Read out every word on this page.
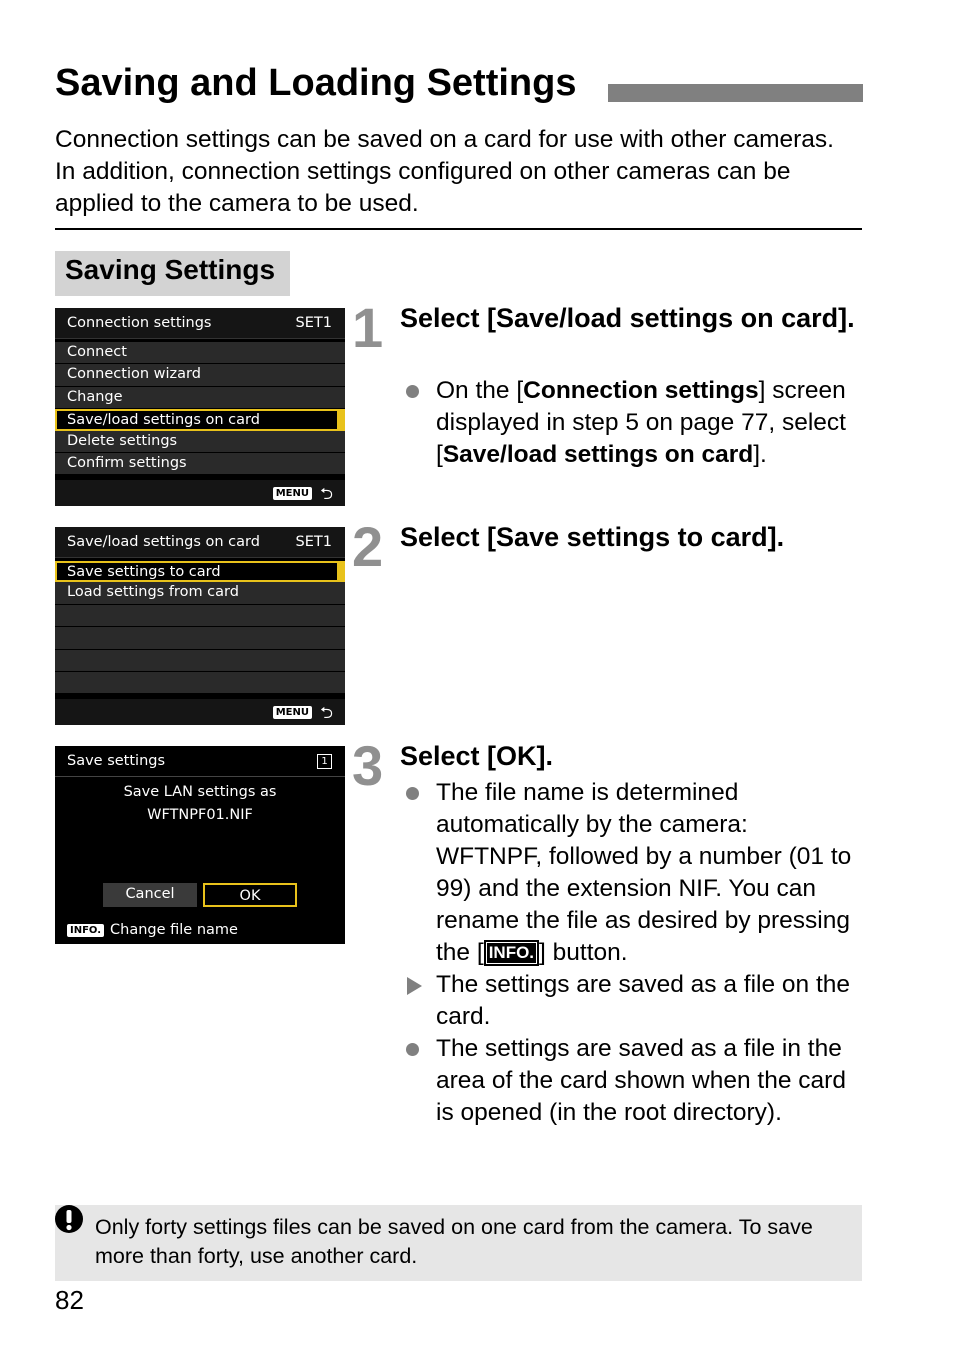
Saving and Loading Settings

Connection settings can be saved on a card for use with other cameras.

In addition, connection settings configured on other cameras can be

applied to the camera to be used.

Saving Settings
Connection settings	SET1
Connect
Connection wizard
Change
Save/load settings on card
Delete settings
Confirm settings
MENU ⮌
Save/load settings on card SET1
Save settings to card
Load settings from card
MENU ⮌
Save settings	1
Save LAN settings as
WFTNPF01.NIF
Cancel	OK
INFO. Change file name
1 Select [Save/load settings on card].
On the [Connection settings] screen displayed in step 5 on page 77, select [Save/load settings on card].
2 Select [Save settings to card].
3 Select [OK].
The file name is determined automatically by the camera: WFTNPF, followed by a number (01 to 99) and the extension NIF. You can rename the file as desired by pressing the [ INFO. ] button.
The settings are saved as a file on the card.
The settings are saved as a file in the area of the card shown when the card is opened (in the root directory).
Only forty settings files can be saved on one card from the camera. To save more than forty, use another card.
82
